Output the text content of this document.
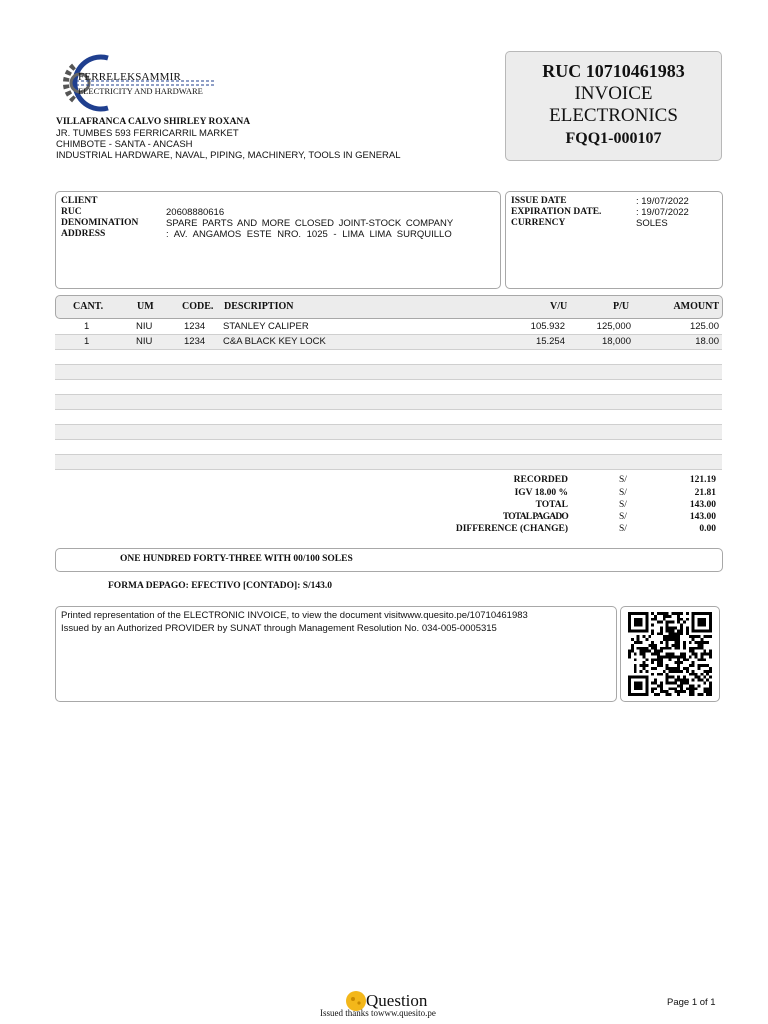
FERRELEKSAMMIR
ELECTRICITY AND HARDWARE
VILLAFRANCA CALVO SHIRLEY ROXANA
JR. TUMBES 593 FERRICARRIL MARKET
CHIMBOTE - SANTA - ANCASH
INDUSTRIAL HARDWARE, NAVAL, PIPING, MACHINERY, TOOLS IN GENERAL
RUC 10710461983
INVOICE
ELECTRONICS
FQQ1-000107
CLIENT
RUC	20608880616
DENOMINATION	SPARE PARTS AND MORE CLOSED JOINT-STOCK COMPANY
ADDRESS	: AV. ANGAMOS ESTE NRO. 1025 - LIMA LIMA SURQUILLO
ISSUE DATE	: 19/07/2022
EXPIRATION DATE.	: 19/07/2022
CURRENCY	SOLES
CANT.	UM	CODE. DESCRIPTION	V/U	P/U	AMOUNT
1	NIU	1234 STANLEY CALIPER	105.932	125,000	125.00
1	NIU	1234 C&A BLACK KEY LOCK	15.254	18,000	18.00
RECORDED	S/	121.19
IGV 18.00 %	S/	21.81
TOTAL	S/	143.00
TOTAL PAGADO	S/	143.00
DIFFERENCE (CHANGE)	S/	0.00
ONE HUNDRED FORTY-THREE WITH 00/100 SOLES
FORMA DEPAGO: EFECTIVO [CONTADO]: S/143.0
Printed representation of the ELECTRONIC INVOICE, to view the document visitwww.quesito.pe/10710461983
Issued by an Authorized PROVIDER by SUNAT through Management Resolution No. 034-005-0005315
Question
Issued thanks towww.quesito.pe
Page 1 of 1
